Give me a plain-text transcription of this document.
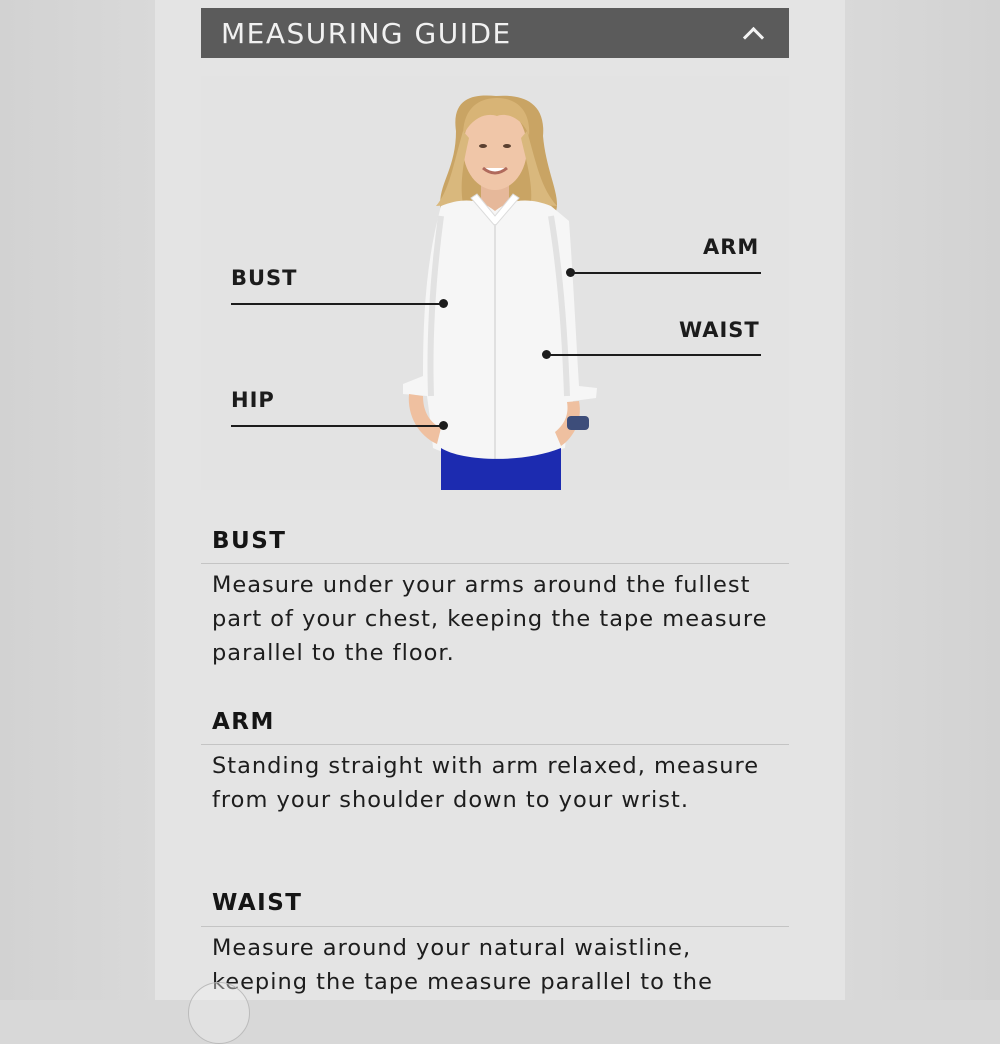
MEASURING GUIDE
BUST
HIP
ARM
WAIST
BUST
Measure under your arms around the fullest part of your chest, keeping the tape measure parallel to the floor.
ARM
Standing straight with arm relaxed, measure from your shoulder down to your wrist.
WAIST
Measure around your natural waistline, keeping the tape measure parallel to the
